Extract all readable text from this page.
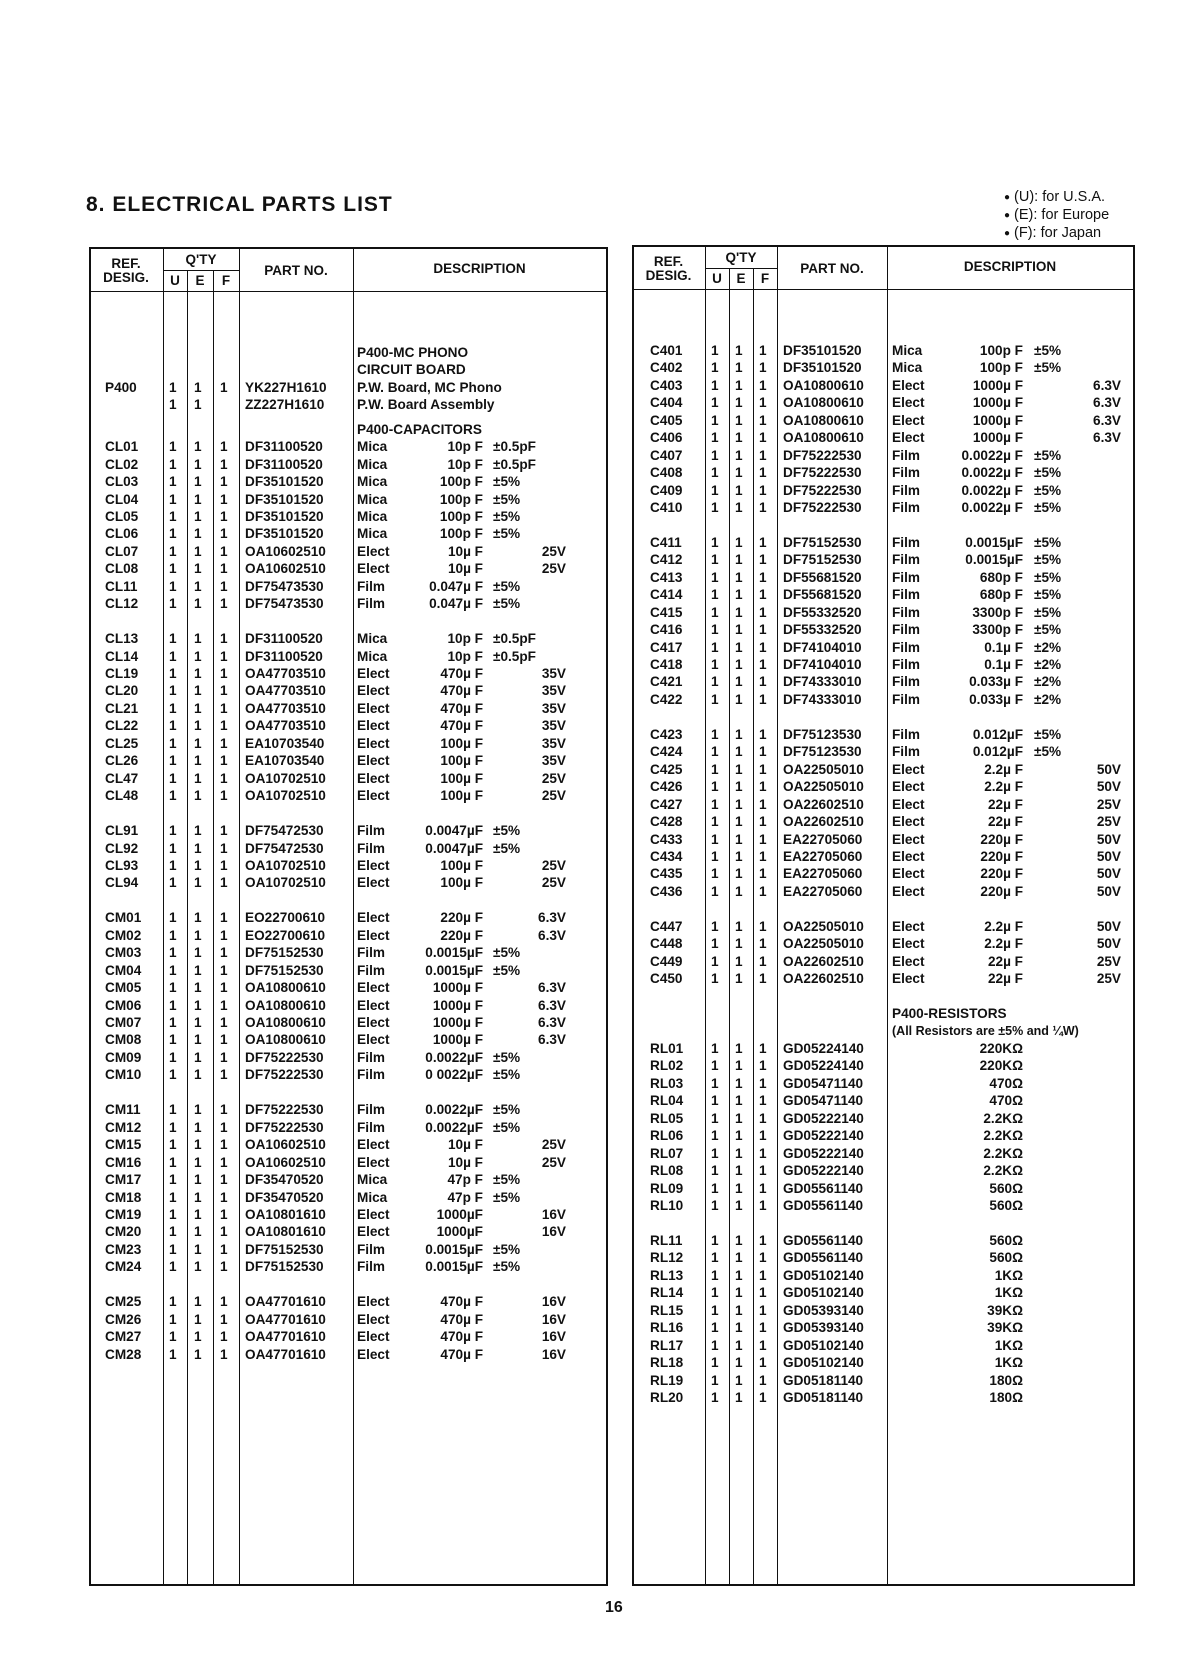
8. ELECTRICAL PARTS LIST
●	(U): for U.S.A.
● (E): for Europe
● (F): for Japan
REF.
DESIG.
Q'TY
U	E	F
PART NO.	DESCRIPTION
P400-MC PHONO
CIRCUIT BOARD
P400 1 1 1 YK227H1610 P.W. Board, MC Phono
1 1	ZZ227H1610 P.W. Board Assembly
P400-CAPACITORS
CL01 1 1 1 DF31100520	Mica	10p F ±0.5pF
CL02 1 1 1 DF31100520	Mica	10p F ±0.5pF
CL03 1 1 1 DF35101520 Mica	100p F ±5%
CL04 1 1 1 DF35101520 Mica	100p F ±5%
CL05 1 1 1 DF35101520 Mica	100p F ±5%
CL06 1 1 1 DF35101520 Mica	100p F ±5%
CL07 1 1 1 OA10602510 Elect	10µ F	25V
CL08 1 1 1 OA10602510 Elect	10µ F	25V
CL11 1 1 1 DF75473530 Film	0.047µ F ±5%
CL12 1 1 1 DF75473530 Film	0.047µ F ±5%
CL13 1 1 1 DF31100520	Mica	10p F ±0.5pF
CL14 1 1 1 DF31100520	Mica	10p F ±0.5pF
CL19 1 1 1 OA47703510 Elect	470µ F	35V
CL20 1 1 1 OA47703510 Elect	470µ F	35V
CL21 1 1 1 OA47703510 Elect	470µ F	35V
CL22 1 1 1 OA47703510 Elect	470µ F	35V
CL25 1 1 1 EA10703540 Elect	100µ F	35V
CL26 1 1 1 EA10703540 Elect	100µ F	35V
CL47 1 1 1 OA10702510 Elect	100µ F	25V
CL48 1 1 1 OA10702510 Elect	100µ F	25V
CL91 1 1 1 DF75472530 Film	0.0047µF ±5%
CL92 1 1 1 DF75472530 Film	0.0047µF ±5%
CL93 1 1 1 OA10702510 Elect	100µ F	25V
CL94 1 1 1 OA10702510 Elect	100µ F	25V
CM01 1 1 1 EO22700610 Elect	220µ F	6.3V
CM02 1 1 1 EO22700610 Elect	220µ F	6.3V
CM03 1 1 1 DF75152530 Film	0.0015µF ±5%
CM04 1 1 1 DF75152530 Film	0.0015µF ±5%
CM05 1 1 1 OA10800610 Elect	1000µ F	6.3V
CM06 1 1 1 OA10800610 Elect	1000µ F	6.3V
CM07 1 1 1 OA10800610 Elect	1000µ F	6.3V
CM08 1 1 1 OA10800610 Elect	1000µ F	6.3V
CM09 1 1 1 DF75222530 Film	0.0022µF ±5%
CM10 1 1 1 DF75222530 Film	0 0022µF ±5%
CM11 1 1 1 DF75222530 Film	0.0022µF ±5%
CM12 1 1 1 DF75222530 Film	0.0022µF ±5%
CM15 1 1 1 OA10602510 Elect	10µ F	25V
CM16 1 1 1 OA10602510 Elect	10µ F	25V
CM17 1 1 1 DF35470520 Mica	47p F ±5%
CM18 1 1 1 DF35470520 Mica	47p F ±5%
CM19 1 1 1 OA10801610 Elect	1000µF	16V
CM20 1 1 1 OA10801610 Elect	1000µF	16V
CM23 1 1 1 DF75152530 Film	0.0015µF ±5%
CM24 1 1 1 DF75152530 Film	0.0015µF ±5%
CM25 1 1 1 OA47701610 Elect	470µ F	16V
CM26 1 1 1 OA47701610 Elect	470µ F	16V
CM27 1 1 1 OA47701610 Elect	470µ F	16V
CM28 1 1 1 OA47701610 Elect	470µ F	16V
REF.
DESIG.
Q'TY
U	E	F
PART NO.	DESCRIPTION
C401 1 1 1 DF35101520 Mica	100p F ±5%
C402 1 1 1 DF35101520 Mica	100p F ±5%
C403 1 1 1 OA10800610 Elect	1000µ F	6.3V
C404 1 1 1 OA10800610 Elect	1000µ F	6.3V
C405 1 1 1 OA10800610 Elect	1000µ F	6.3V
C406 1 1 1 OA10800610 Elect	1000µ F	6.3V
C407 1 1 1 DF75222530 Film	0.0022µ F ±5%
C408 1 1 1 DF75222530 Film	0.0022µ F ±5%
C409 1 1 1 DF75222530 Film	0.0022µ F ±5%
C410 1 1 1 DF75222530 Film	0.0022µ F ±5%
C411 1 1 1 DF75152530 Film	0.0015µF ±5%
C412 1 1 1 DF75152530 Film	0.0015µF ±5%
C413 1 1 1 DF55681520 Film	680p F ±5%
C414 1 1 1 DF55681520 Film	680p F ±5%
C415 1 1 1 DF55332520 Film	3300p F ±5%
C416 1 1 1 DF55332520 Film	3300p F ±5%
C417 1 1 1 DF74104010 Film	0.1µ F ±2%
C418 1 1 1 DF74104010 Film	0.1µ F ±2%
C421 1 1 1 DF74333010 Film	0.033µ F ±2%
C422 1 1 1 DF74333010 Film	0.033µ F ±2%
C423 1 1 1 DF75123530 Film	0.012µF ±5%
C424 1 1 1 DF75123530 Film	0.012µF ±5%
C425 1 1 1 OA22505010 Elect	2.2µ F	50V
C426 1 1 1 OA22505010 Elect	2.2µ F	50V
C427 1 1 1 OA22602510 Elect	22µ F	25V
C428 1 1 1 OA22602510 Elect	22µ F	25V
C433 1 1 1 EA22705060 Elect	220µ F	50V
C434 1 1 1 EA22705060 Elect	220µ F	50V
C435 1 1 1 EA22705060 Elect	220µ F	50V
C436 1 1 1 EA22705060 Elect	220µ F	50V
C447 1 1 1 OA22505010 Elect	2.2µ F	50V
C448 1 1 1 OA22505010 Elect	2.2µ F	50V
C449 1 1 1 OA22602510 Elect	22µ F	25V
C450 1 1 1 OA22602510 Elect	22µ F	25V
P400-RESISTORS
(All Resistors are ±5% and ¼W)
RL01 1 1 1 GD05224140	220KΩ
RL02 1 1 1 GD05224140	220KΩ
RL03 1 1 1 GD05471140	470Ω
RL04 1 1 1 GD05471140	470Ω
RL05 1 1 1 GD05222140	2.2KΩ
RL06 1 1 1 GD05222140	2.2KΩ
RL07 1 1 1 GD05222140	2.2KΩ
RL08 1 1 1 GD05222140	2.2KΩ
RL09 1 1 1 GD05561140	560Ω
RL10 1 1 1 GD05561140	560Ω
RL11 1 1 1 GD05561140	560Ω
RL12 1 1 1 GD05561140	560Ω
RL13 1 1 1 GD05102140	1KΩ
RL14 1 1 1 GD05102140	1KΩ
RL15 1 1 1 GD05393140	39KΩ
RL16 1 1 1 GD05393140	39KΩ
RL17 1 1 1 GD05102140	1KΩ
RL18 1 1 1 GD05102140	1KΩ
RL19 1 1 1 GD05181140	180Ω
RL20 1 1 1 GD05181140	180Ω
16
